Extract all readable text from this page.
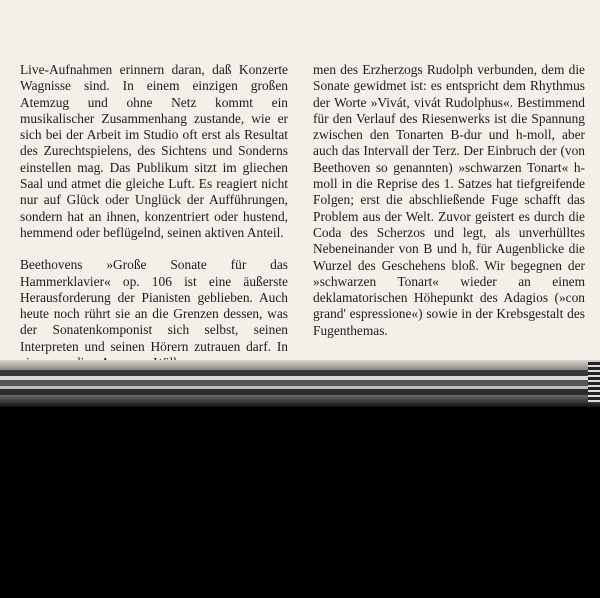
Live-Aufnahmen erinnern daran, daß Konzerte Wagnisse sind. In einem einzigen großen Atemzug und ohne Netz kommt ein musikalischer Zusammenhang zustande, wie er sich bei der Arbeit im Studio oft erst als Resultat des Zurechtspielens, des Sichtens und Sonderns einstellen mag. Das Publikum sitzt im gliechen Saal und atmet die gleiche Luft. Es reagiert nicht nur auf Glück oder Unglück der Aufführungen, sondern hat an ihnen, konzentriert oder hustend, hemmend oder beflügelnd, seinen aktiven Anteil.

Beethovens »Große Sonate für das Hammerklavier« op. 106 ist eine äußerste Herausforderung der Pianisten geblieben. Auch heute noch rührt sie an die Grenzen dessen, was der Sonatenkomponist sich selbst, seinen Interpreten und seinen Hörern zutrauen darf. In

men des Erzherzogs Rudolph verbunden, dem die Sonate gewidmet ist: es entspricht dem Rhythmus der Worte »Vivát, vivát Rudolphus«. Bestimmend für den Verlauf des Riesenwerks ist die Spannung zwischen den Tonarten B-dur und h-moll, aber auch das Intervall der Terz. Der Einbruch der (von Beethoven so genannten) »schwarzen Tonart« h-moll in die Reprise des 1. Satzes hat tiefgreifende Folgen; erst die abschließende Fuge schafft das Problem aus der Welt. Zuvor geistert es durch die Coda des Scherzos und legt, als unverhülltes Nebeneinander von B und h, für Augenblicke die Wurzel des Geschehens bloß. Wir begegnen der »schwarzen Tonart« wieder an einem deklamatorischen Höhepunkt des Adagios (»con grand' espressione«) sowie in der Krebsgestalt des Fugenthemas.
